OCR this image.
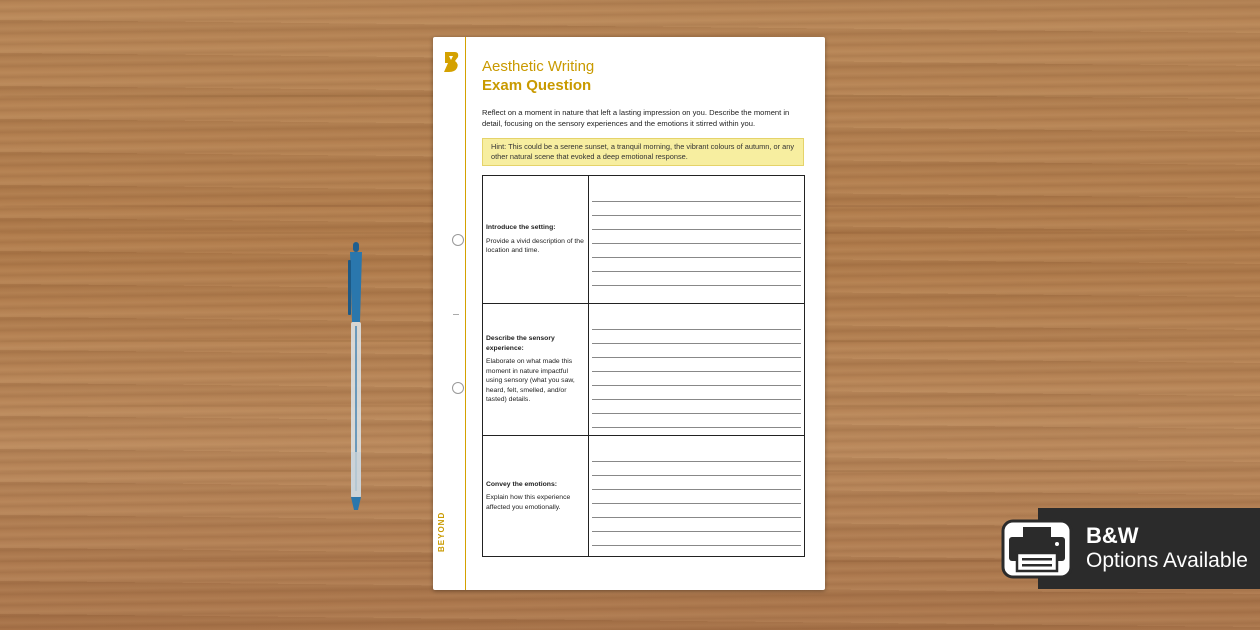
BEYOND
Aesthetic Writing
Exam Question
Reflect on a moment in nature that left a lasting impression on you. Describe the moment in detail, focusing on the sensory experiences and the emotions it stirred within you.
Hint: This could be a serene sunset, a tranquil morning, the vibrant colours of autumn, or any other natural scene that evoked a deep emotional response.
Introduce the setting:
Provide a vivid description of the location and time.	

Describe the sensory experience:
Elaborate on what made this moment in nature impactful using sensory (what you saw, heard, felt, smelled, and/or tasted) details.	

Convey the emotions:
Explain how this experience affected you emotionally.	
B&W
Options Available
